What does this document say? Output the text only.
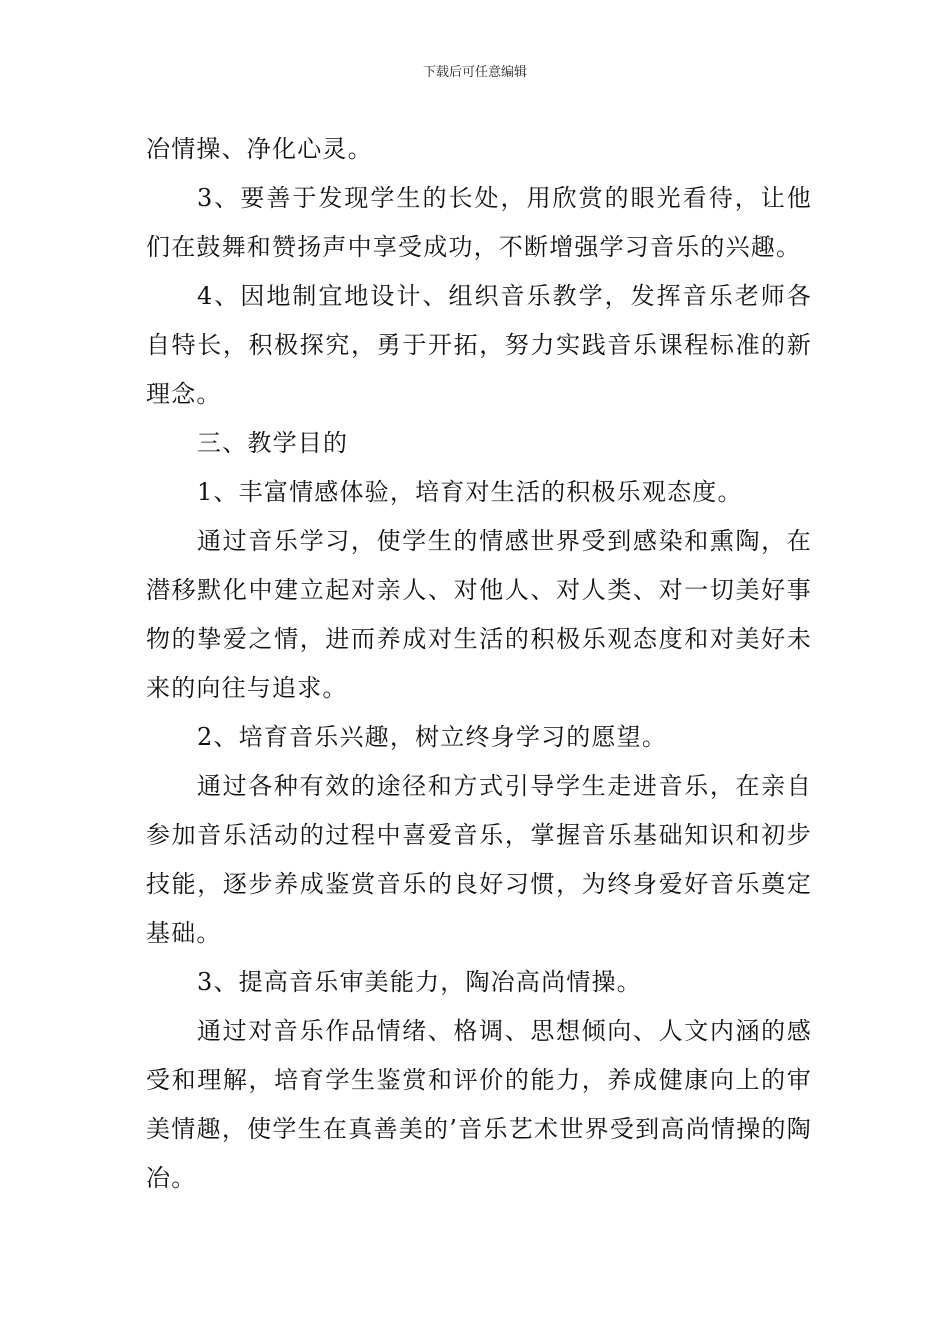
下载后可任意编辑

冶情操、净化心灵。

3、要善于发现学生的长处，用欣赏的眼光看待，让他们在鼓舞和赞扬声中享受成功，不断增强学习音乐的兴趣。

4、因地制宜地设计、组织音乐教学，发挥音乐老师各自特长，积极探究，勇于开拓，努力实践音乐课程标准的新理念。

三、教学目的

1、丰富情感体验，培育对生活的积极乐观态度。

通过音乐学习，使学生的情感世界受到感染和熏陶，在潜移默化中建立起对亲人、对他人、对人类、对一切美好事物的挚爱之情，进而养成对生活的积极乐观态度和对美好未来的向往与追求。

2、培育音乐兴趣，树立终身学习的愿望。

通过各种有效的途径和方式引导学生走进音乐，在亲自参加音乐活动的过程中喜爱音乐，掌握音乐基础知识和初步技能，逐步养成鉴赏音乐的良好习惯，为终身爱好音乐奠定基础。

3、提高音乐审美能力，陶冶高尚情操。

通过对音乐作品情绪、格调、思想倾向、人文内涵的感受和理解，培育学生鉴赏和评价的能力，养成健康向上的审美情趣，使学生在真善美的’音乐艺术世界受到高尚情操的陶冶。
